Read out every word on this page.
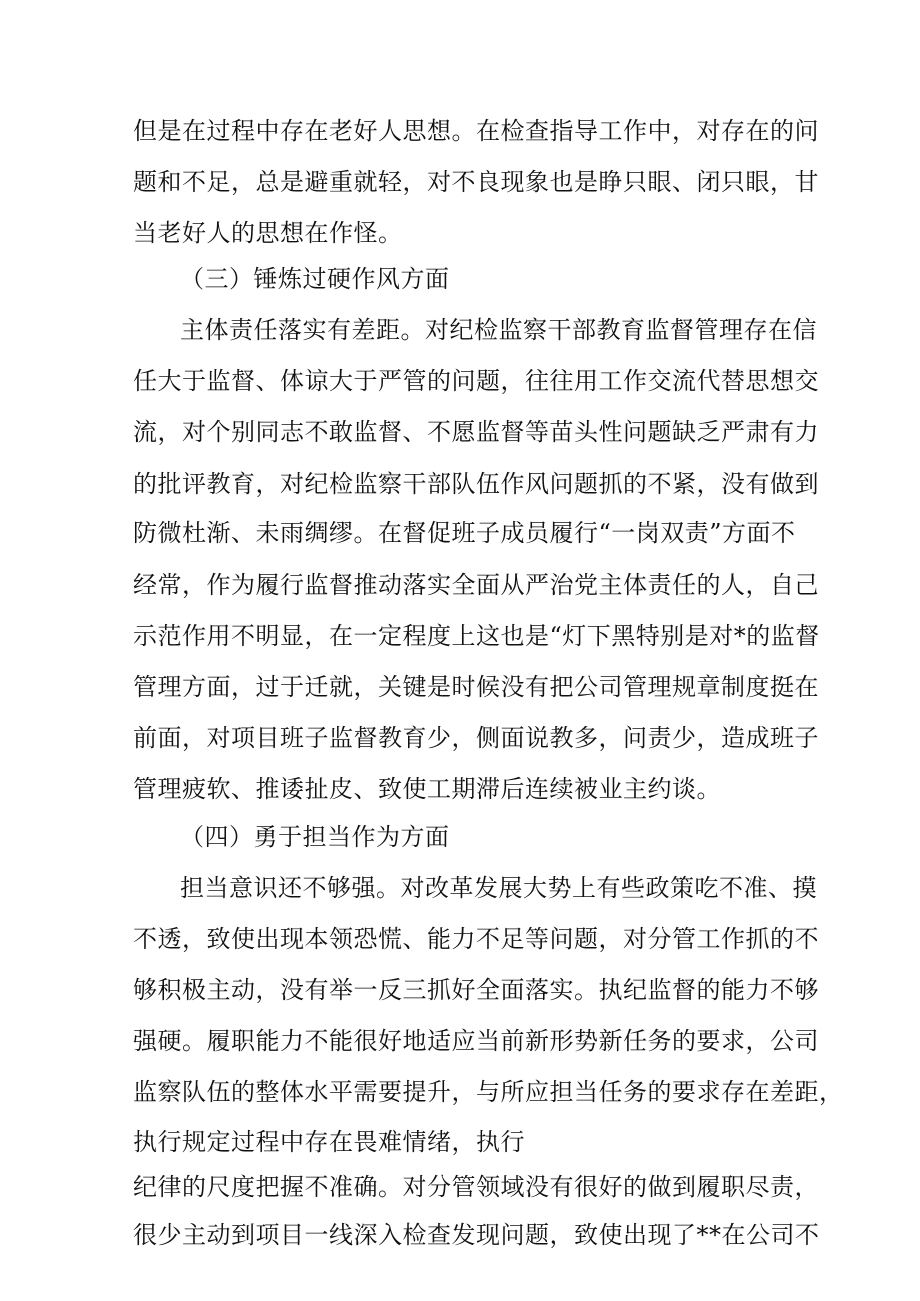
但是在过程中存在老好人思想。在检查指导工作中，对存在的问
题和不足，总是避重就轻，对不良现象也是睁只眼、闭只眼，甘
当老好人的思想在作怪。
（三）锤炼过硬作风方面
主体责任落实有差距。对纪检监察干部教育监督管理存在信
任大于监督、体谅大于严管的问题，往往用工作交流代替思想交
流，对个别同志不敢监督、不愿监督等苗头性问题缺乏严肃有力
的批评教育，对纪检监察干部队伍作风问题抓的不紧，没有做到
防微杜渐、未雨绸缪。在督促班子成员履行“一岗双责”方面不
经常，作为履行监督推动落实全面从严治党主体责任的人，自己
示范作用不明显，在一定程度上这也是“灯下黑特别是对*的监督
管理方面，过于迁就，关键是时候没有把公司管理规章制度挺在
前面，对项目班子监督教育少，侧面说教多，问责少，造成班子
管理疲软、推诿扯皮、致使工期滞后连续被业主约谈。
（四）勇于担当作为方面
担当意识还不够强。对改革发展大势上有些政策吃不准、摸
不透，致使出现本领恐慌、能力不足等问题，对分管工作抓的不
够积极主动，没有举一反三抓好全面落实。执纪监督的能力不够
强硬。履职能力不能很好地适应当前新形势新任务的要求，公司
监察队伍的整体水平需要提升，与所应担当任务的要求存在差距，
执行规定过程中存在畏难情绪，执行
纪律的尺度把握不准确。对分管领域没有很好的做到履职尽责，
很少主动到项目一线深入检查发现问题，致使出现了**在公司不
